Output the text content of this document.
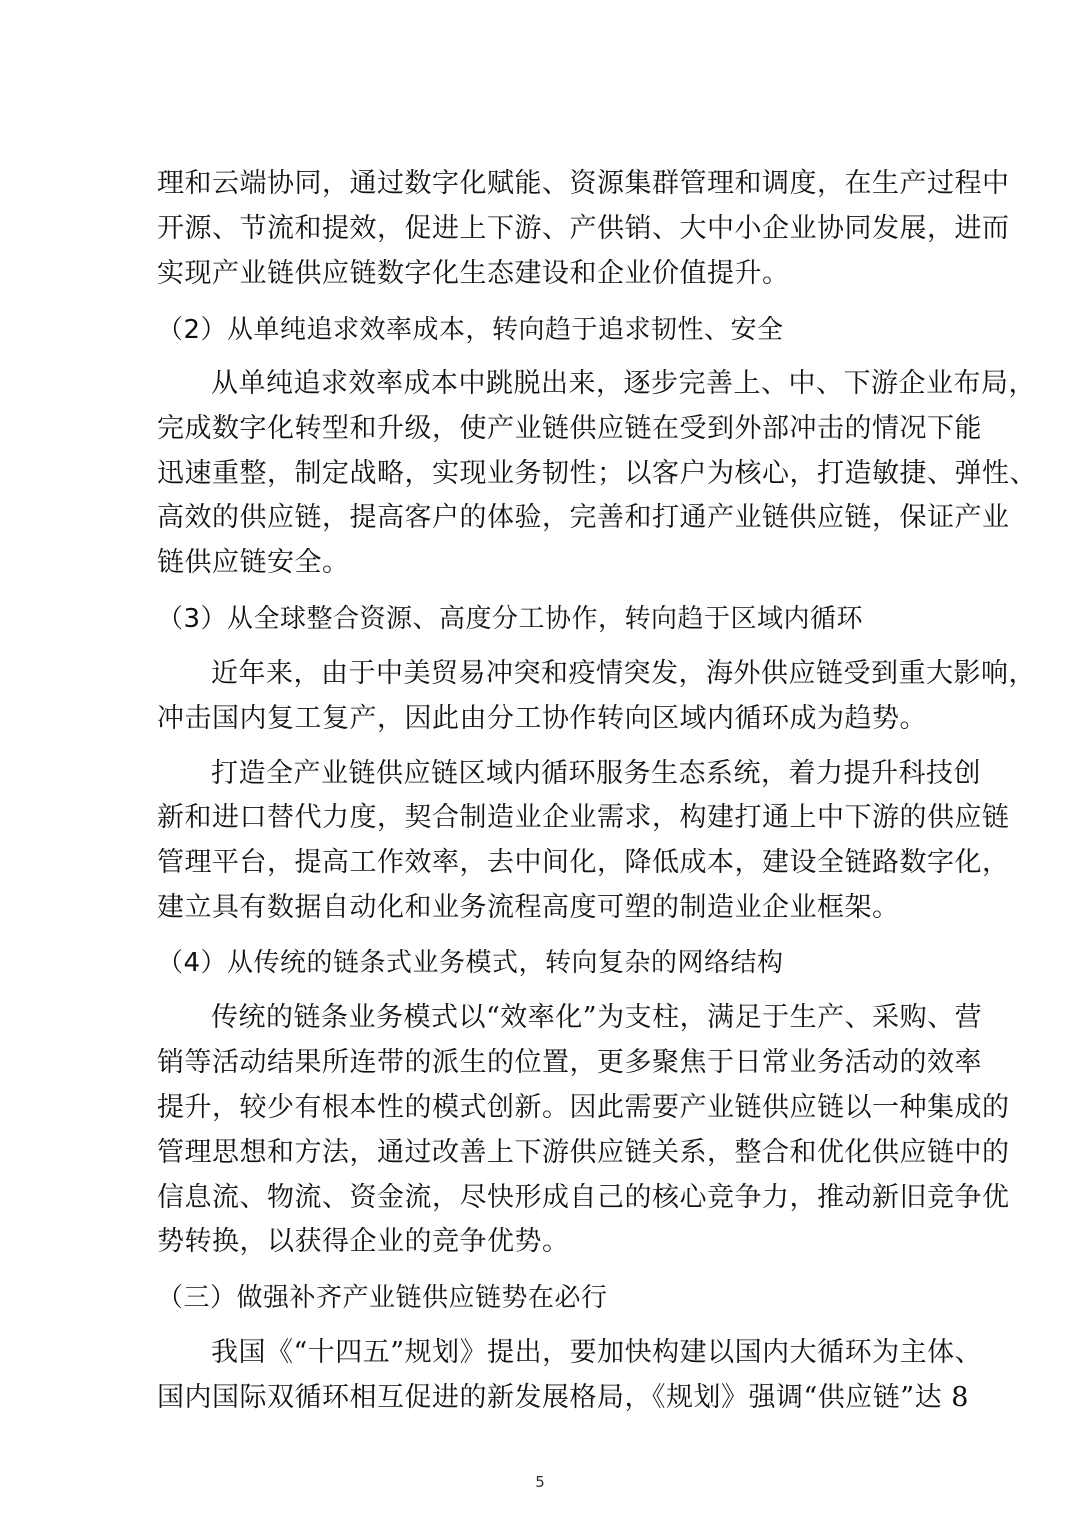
理和云端协同，通过数字化赋能、资源集群管理和调度，在生产过程中
开源、节流和提效，促进上下游、产供销、大中小企业协同发展，进而
实现产业链供应链数字化生态建设和企业价值提升。
（2）从单纯追求效率成本，转向趋于追求韧性、安全
从单纯追求效率成本中跳脱出来，逐步完善上、中、下游企业布局，
完成数字化转型和升级，使产业链供应链在受到外部冲击的情况下能
迅速重整，制定战略，实现业务韧性；以客户为核心，打造敏捷、弹性、
高效的供应链，提高客户的体验，完善和打通产业链供应链，保证产业
链供应链安全。
（3）从全球整合资源、高度分工协作，转向趋于区域内循环
近年来，由于中美贸易冲突和疫情突发，海外供应链受到重大影响，
冲击国内复工复产，因此由分工协作转向区域内循环成为趋势。
打造全产业链供应链区域内循环服务生态系统，着力提升科技创
新和进口替代力度，契合制造业企业需求，构建打通上中下游的供应链
管理平台，提高工作效率，去中间化，降低成本，建设全链路数字化，
建立具有数据自动化和业务流程高度可塑的制造业企业框架。
（4）从传统的链条式业务模式，转向复杂的网络结构
传统的链条业务模式以“效率化”为支柱，满足于生产、采购、营
销等活动结果所连带的派生的位置，更多聚焦于日常业务活动的效率
提升，较少有根本性的模式创新。因此需要产业链供应链以一种集成的
管理思想和方法，通过改善上下游供应链关系，整合和优化供应链中的
信息流、物流、资金流，尽快形成自己的核心竞争力，推动新旧竞争优
势转换，以获得企业的竞争优势。
（三）做强补齐产业链供应链势在必行
我国《“十四五”规划》提出，要加快构建以国内大循环为主体、
国内国际双循环相互促进的新发展格局，《规划》强调“供应链”达 8
5
